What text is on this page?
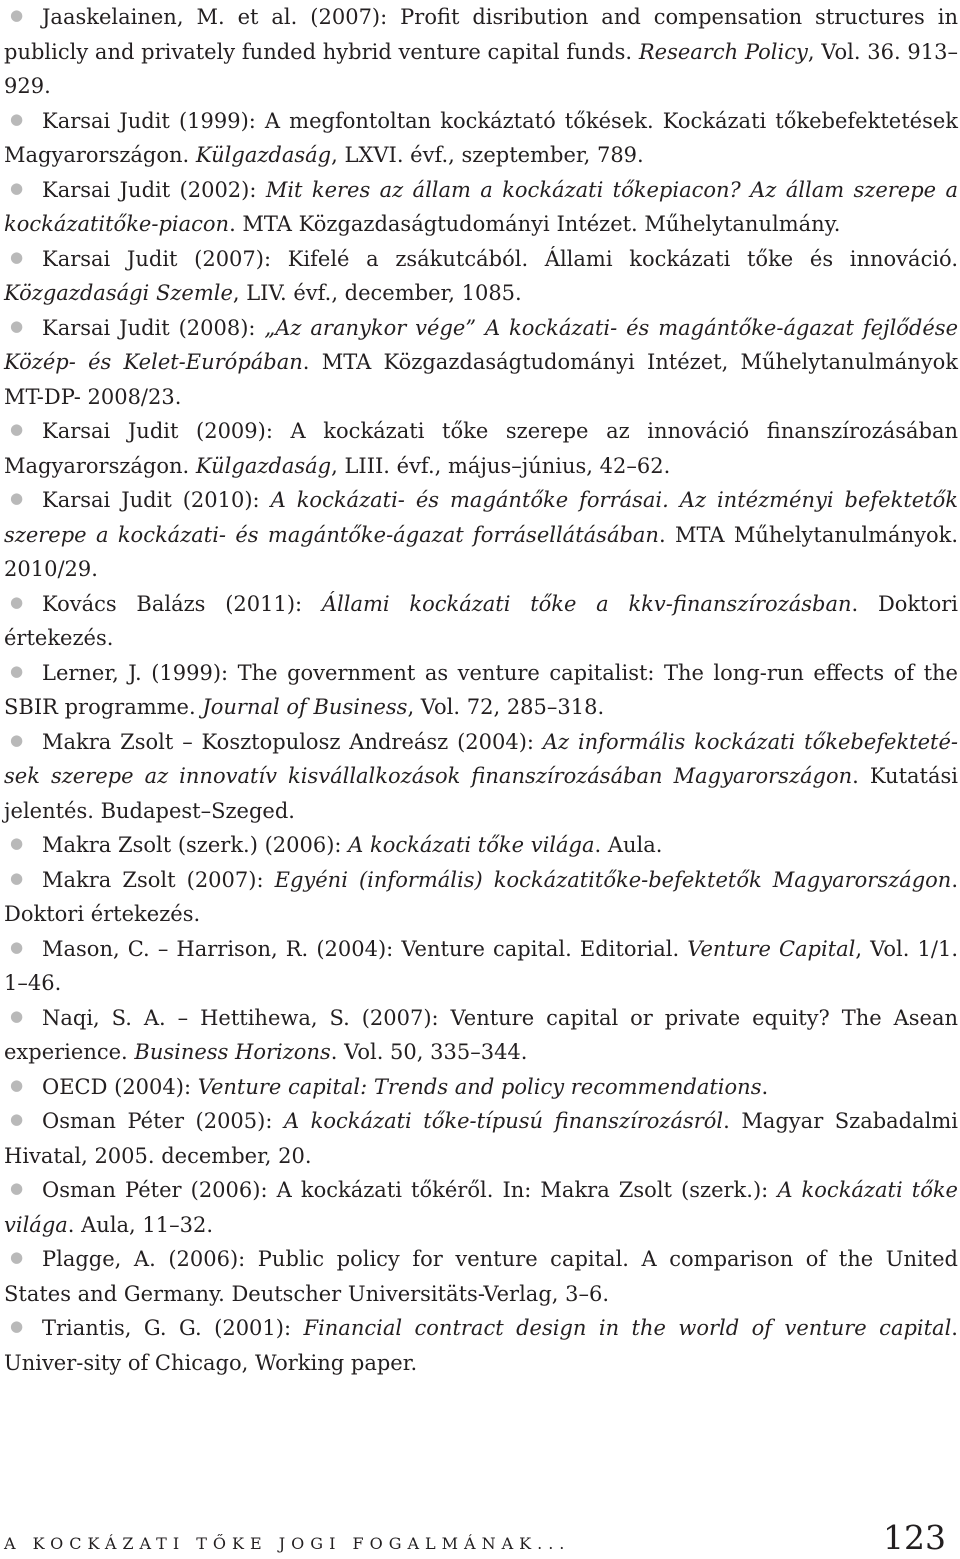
●
Jaaskelainen, M. et al. (2007): Profit disribution and compensation structures in publicly and privately funded hybrid venture capital funds. Research Policy, Vol. 36. 913–929.

●
Karsai Judit (1999): A megfontoltan kockáztató tőkések. Kockázati tőkebefektetések Magyarországon. Külgazdaság, LXVI. évf., szeptember, 789.

●
Karsai Judit (2002): Mit keres az állam a kockázati tőkepiacon? Az állam szerepe a kockázatitőke-piacon. MTA Közgazdaságtudományi Intézet. Műhelytanulmány.

●
Karsai Judit (2007): Kifelé a zsákutcából. Állami kockázati tőke és innováció. Közgazdasági Szemle, LIV. évf., december, 1085.

●
Karsai Judit (2008): „Az aranykor vége” A kockázati- és magántőke-ágazat fejlődése Közép- és Kelet-Európában. MTA Közgazdaságtudományi Intézet, Műhelytanulmányok MT-DP- 2008/23.

●
Karsai Judit (2009): A kockázati tőke szerepe az innováció finanszírozásában Magyarországon. Külgazdaság, LIII. évf., május–június, 42–62.

●
Karsai Judit (2010): A kockázati- és magántőke forrásai. Az intézményi befektetők szerepe a kockázati- és magántőke-ágazat forrásellátásában. MTA Műhelytanulmányok. 2010/29.

●
Kovács Balázs (2011): Állami kockázati tőke a kkv-finanszírozásban. Doktori értekezés.

●
Lerner, J. (1999): The government as venture capitalist: The long-run effects of the SBIR programme. Journal of Business, Vol. 72, 285–318.

●
Makra Zsolt – Kosztopulosz Andreász (2004): Az informális kockázati tőkebefekteté-sek szerepe az innovatív kisvállalkozások finanszírozásában Magyarországon. Kutatási jelentés. Budapest–Szeged.

●
Makra Zsolt (szerk.) (2006): A kockázati tőke világa. Aula.

●
Makra Zsolt (2007): Egyéni (informális) kockázatitőke-befektetők Magyarországon. Doktori értekezés.

●
Mason, C. – Harrison, R. (2004): Venture capital. Editorial. Venture Capital, Vol. 1/1. 1–46.

●
Naqi, S. A. – Hettihewa, S. (2007): Venture capital or private equity? The Asean experience. Business Horizons. Vol. 50, 335–344.

●
OECD (2004): Venture capital: Trends and policy recommendations.

●
Osman Péter (2005): A kockázati tőke-típusú finanszírozásról. Magyar Szabadalmi Hivatal, 2005. december, 20.

●
Osman Péter (2006): A kockázati tőkéről. In: Makra Zsolt (szerk.): A kockázati tőke világa. Aula, 11–32.

●
Plagge, A. (2006): Public policy for venture capital. A comparison of the United States and Germany. Deutscher Universitäts-Verlag, 3–6.

●
Triantis, G. G. (2001): Financial contract design in the world of venture capital. Univer-sity of Chicago, Working paper.

A KOCKÁZATI TŐKE JOGI FOGALMÁNAK...	123
